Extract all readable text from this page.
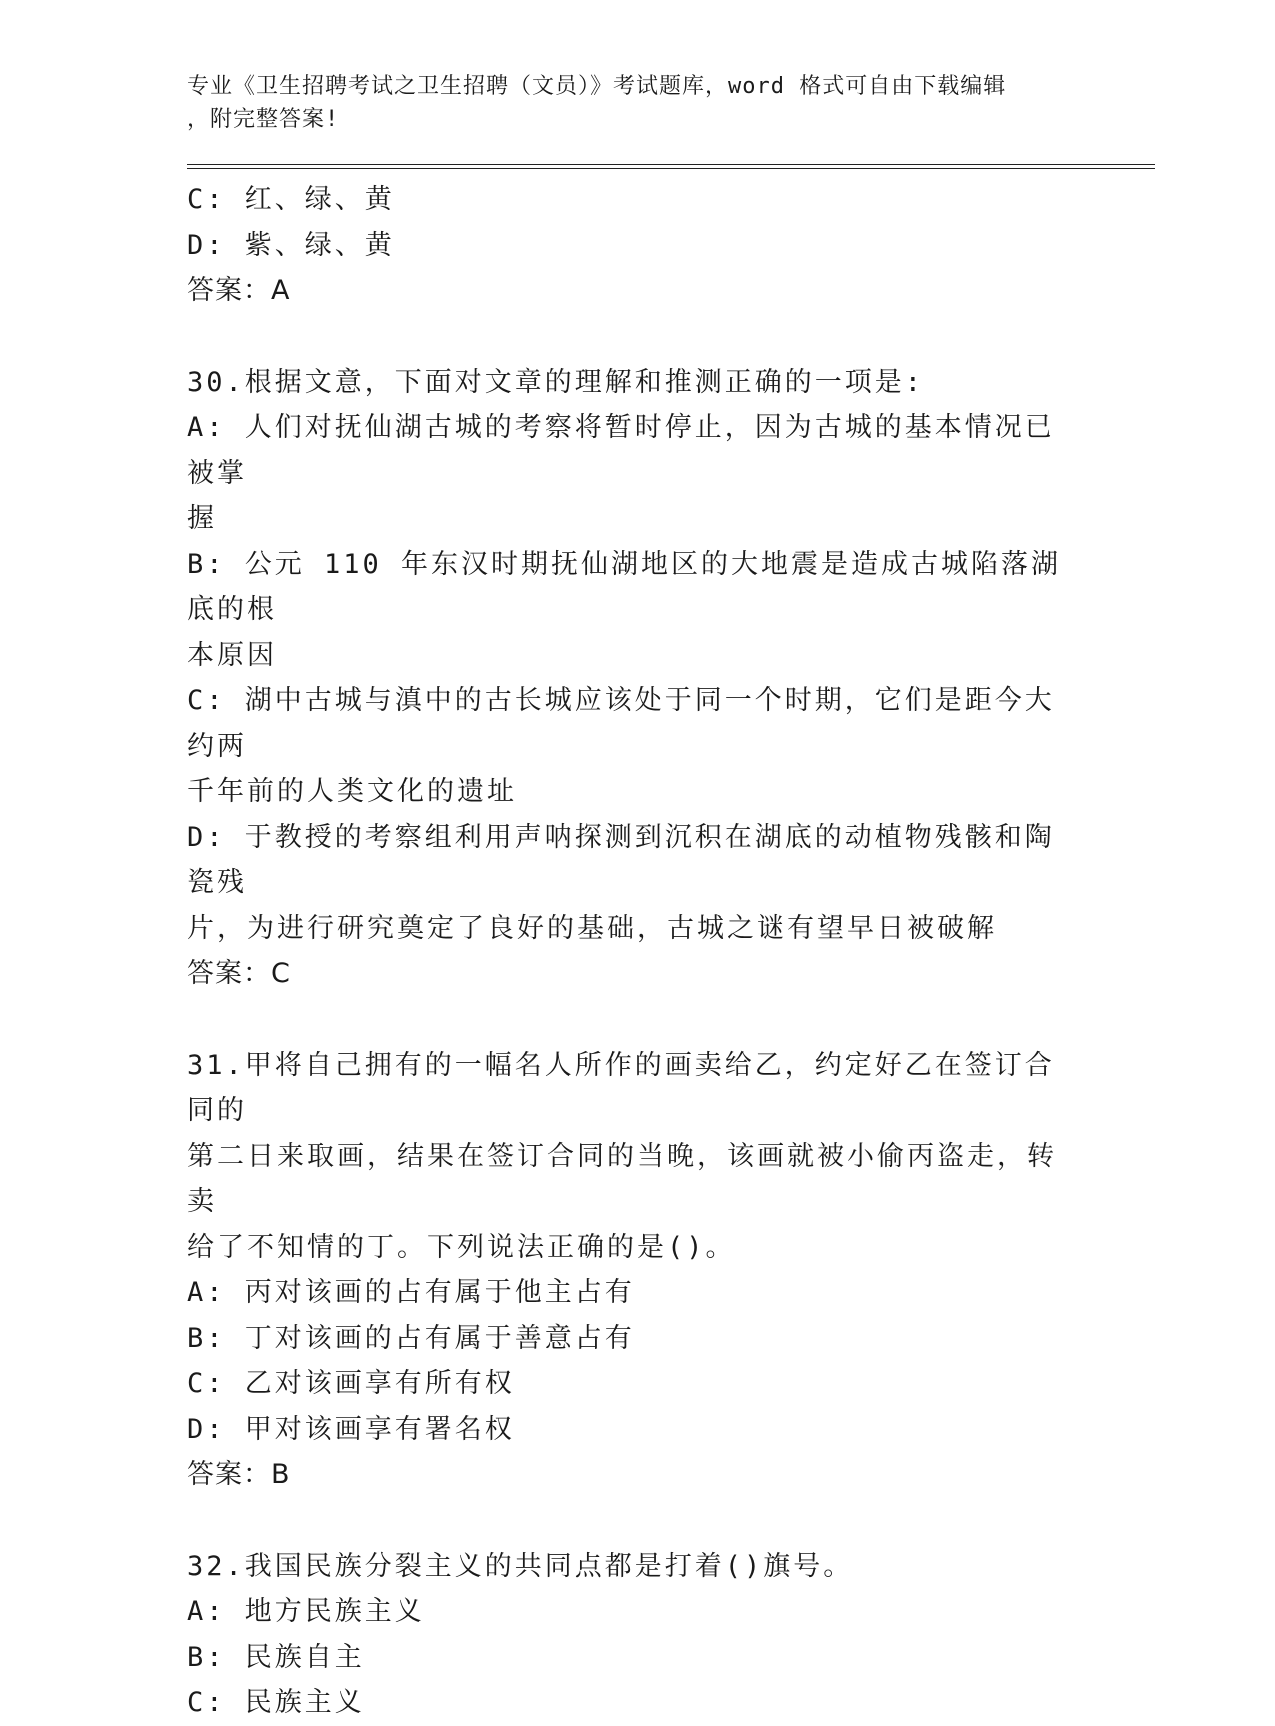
专业《卫生招聘考试之卫生招聘（文员）》考试题库，word 格式可自由下载编辑
，附完整答案!
C: 红、绿、黄
D: 紫、绿、黄
答案：A
30.根据文意，下面对文章的理解和推测正确的一项是:
A: 人们对抚仙湖古城的考察将暂时停止，因为古城的基本情况已被掌
握
B: 公元 110 年东汉时期抚仙湖地区的大地震是造成古城陷落湖底的根
本原因
C: 湖中古城与滇中的古长城应该处于同一个时期，它们是距今大约两
千年前的人类文化的遗址
D: 于教授的考察组利用声呐探测到沉积在湖底的动植物残骸和陶瓷残
片，为进行研究奠定了良好的基础，古城之谜有望早日被破解
答案：C
31.甲将自己拥有的一幅名人所作的画卖给乙，约定好乙在签订合同的
第二日来取画，结果在签订合同的当晚，该画就被小偷丙盗走，转卖
给了不知情的丁。下列说法正确的是()。
A: 丙对该画的占有属于他主占有
B: 丁对该画的占有属于善意占有
C: 乙对该画享有所有权
D: 甲对该画享有署名权
答案：B
32.我国民族分裂主义的共同点都是打着()旗号。
A: 地方民族主义
B: 民族自主
C: 民族主义
